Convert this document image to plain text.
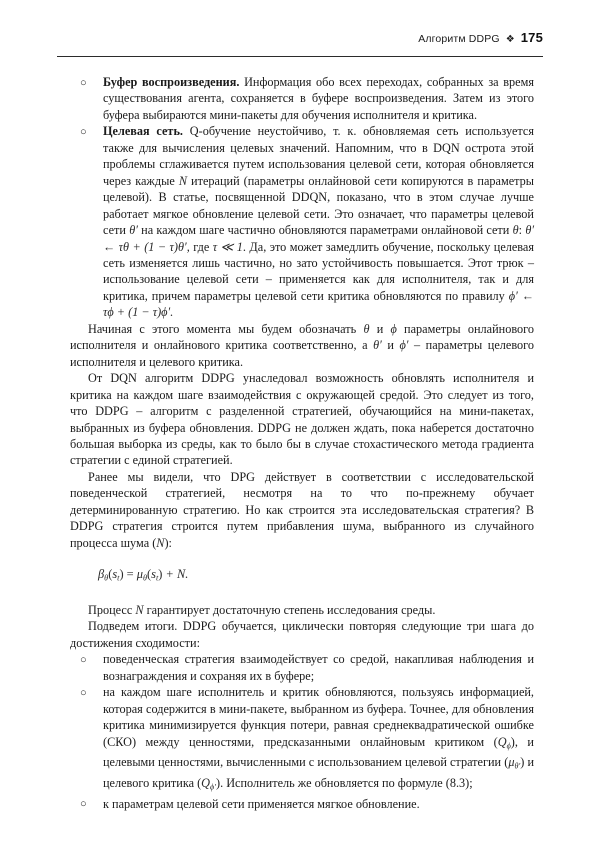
Алгоритм DDPG ❖ 175
○	Буфер воспроизведения. Информация обо всех переходах, собранных за время существования агента, сохраняется в буфере воспроизведения. Затем из этого буфера выбираются мини-пакеты для обучения исполнителя и критика.
○	Целевая сеть. Q-обучение неустойчиво, т. к. обновляемая сеть используется также для вычисления целевых значений. Напомним, что в DQN острота этой проблемы сглаживается путем использования целевой сети, которая обновляется через каждые N итераций (параметры онлайновой сети копируются в параметры целевой). В статье, посвященной DDQN, показано, что в этом случае лучше работает мягкое обновление целевой сети. Это означает, что параметры целевой сети θ′ на каждом шаге частично обновляются параметрами онлайновой сети θ: θ′ ← τθ + (1 − τ)θ′, где τ ≪ 1. Да, это может замедлить обучение, поскольку целевая сеть изменяется лишь частично, но зато устойчивость повышается. Этот трюк – использование целевой сети – применяется как для исполнителя, так и для критика, причем параметры целевой сети критика обновляются по правилу ϕ′ ← τϕ + (1 − τ)ϕ′.

Начиная с этого момента мы будем обозначать θ и ϕ параметры онлайнового исполнителя и онлайнового критика соответственно, а θ′ и ϕ′ – параметры целевого исполнителя и целевого критика.

От DQN алгоритм DDPG унаследовал возможность обновлять исполнителя и критика на каждом шаге взаимодействия с окружающей средой. Это следует из того, что DDPG – алгоритм с разделенной стратегией, обучающийся на мини-пакетах, выбранных из буфера обновления. DDPG не должен ждать, пока наберется достаточно большая выборка из среды, как то было бы в случае стохастического метода градиента стратегии с единой стратегией.

Ранее мы видели, что DPG действует в соответствии с исследовательской поведенческой стратегией, несмотря на то что по-прежнему обучает детерминированную стратегию. Но как строится эта исследовательская стратегия? В DDPG стратегия строится путем прибавления шума, выбранного из случайного процесса шума (N):

$\beta_\theta(s_t) = \mu_\theta(s_t) + N$.

Процесс N гарантирует достаточную степень исследования среды.

Подведем итоги. DDPG обучается, циклически повторяя следующие три шага до достижения сходимости:

○	поведенческая стратегия взаимодействует со средой, накапливая наблюдения и вознаграждения и сохраняя их в буфере;
○	на каждом шаге исполнитель и критик обновляются, пользуясь информацией, которая содержится в мини-пакете, выбранном из буфера. Точнее, для обновления критика минимизируется функция потери, равная среднеквадратической ошибке (СКО) между ценностями, предсказанными онлайновым критиком $(Q_\phi)$, и целевыми ценностями, вычисленными с использованием целевой стратегии $(\mu_{\theta'})$ и целевого критика $(Q_{\phi'})$. Исполнитель же обновляется по формуле (8.3);
○	к параметрам целевой сети применяется мягкое обновление.
